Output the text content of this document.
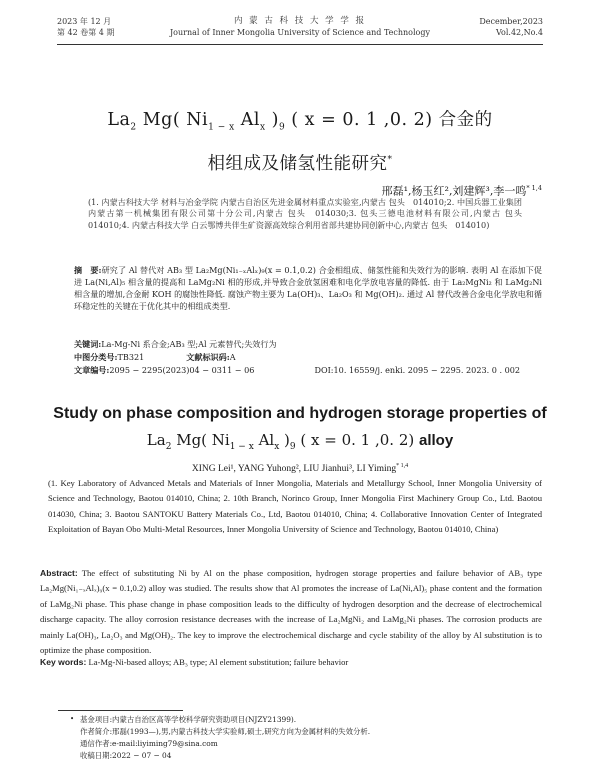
2023 年 12 月
第 42 卷第 4 期
内 蒙 古 科 技 大 学 学 报
Journal of Inner Mongolia University of Science and Technology
December,2023
Vol.42,No.4
$La_2$ Mg( $Ni_{1 - x}$ $Al_x$ )$_9$ ( x = 0. 1 ,0. 2) 合金的
相组成及储氢性能研究*
邢磊¹,杨玉红²,刘建辉³,李一鸣$^{* 1,4}$
(1. 内蒙古科技大学 材料与冶金学院 内蒙古自治区先进金属材料重点实验室,内蒙古 包头　014010;2. 中国兵器工业集团内蒙古第一机械集团有限公司第十分公司,内蒙古 包头　014030;3. 包头三德电池材料有限公司,内蒙古 包头　014010;4. 内蒙古科技大学 白云鄂博共伴生矿资源高效综合利用省部共建协同创新中心,内蒙古 包头　014010)
摘　要:研究了 Al 替代对 AB₃ 型 La₂Mg(Ni₁₋ₓAlₓ)₉(x = 0.1,0.2) 合金相组成、储氢性能和失效行为的影响. 表明 Al 在添加下促进 La(Ni,Al)₅ 相含量的提高和 LaMg₂Ni 相的形成,并导致合金放氢困难和电化学放电容量的降低. 由于 La₂MgNi₂ 和 LaMg₂Ni 相含量的增加,合金耐 KOH 的腐蚀性降低. 腐蚀产物主要为 La(OH)₃、La₂O₃ 和 Mg(OH)₂. 通过 Al 替代改善合金电化学放电和循环稳定性的关键在于优化其中的相组成类型.
关键词:La-Mg-Ni 系合金;AB₃ 型;Al 元素替代;失效行为
中图分类号:TB321	文献标识码:A
文章编号:2095 − 2295(2023)04 − 0311 − 06	DOI:10. 16559/j. enki. 2095 − 2295. 2023. 0 . 002
Study on phase composition and hydrogen storage properties of
$La_2$ Mg( $Ni_{1 - x}$ $Al_x$ )$_9$ ( x = 0. 1 ,0. 2) alloy
XING Lei¹, YANG Yuhong², LIU Jianhui³, LI Yiming$^{* 1,4}$
(1. Key Laboratory of Advanced Metals and Materials of Inner Mongolia, Materials and Metallurgy School, Inner Mongolia University of Science and Technology, Baotou 014010, China; 2. 10th Branch, Norinco Group, Inner Mongolia First Machinery Group Co., Ltd. Baotou 014030, China; 3. Baotou SANTOKU Battery Materials Co., Ltd, Baotou 014010, China; 4. Collaborative Innovation Center of Integrated Exploitation of Bayan Obo Multi-Metal Resources, Inner Mongolia University of Science and Technology, Baotou 014010, China)
Abstract: The effect of substituting Ni by Al on the phase composition, hydrogen storage properties and failure behavior of AB₃ type La₂Mg(Ni₁₋ₓAlₓ)₉(x = 0.1,0.2) alloy was studied. The results show that Al promotes the increase of La(Ni,Al)₅ phase content and the formation of LaMg₂Ni phase. This phase change in phase composition leads to the difficulty of hydrogen desorption and the decrease of electrochemical discharge capacity. The alloy corrosion resistance decreases with the increase of La₂MgNi₂ and LaMg₂Ni phases. The corrosion products are mainly La(OH)₃, La₂O₃ and Mg(OH)₂. The key to improve the electrochemical discharge and cycle stability of the alloy by Al substitution is to optimize the phase composition.
Key words: La-Mg-Ni-based alloys; AB₃ type; Al element substitution; failure behavior
• 基金项目:内蒙古自治区高等学校科学研究资助项目(NJZY21399).
作者简介:邢磊(1993—),男,内蒙古科技大学实验师,硕士,研究方向为金属材料的失效分析.
通信作者:e-mail:liyiming79@sina.com
收稿日期:2022 − 07 − 04
